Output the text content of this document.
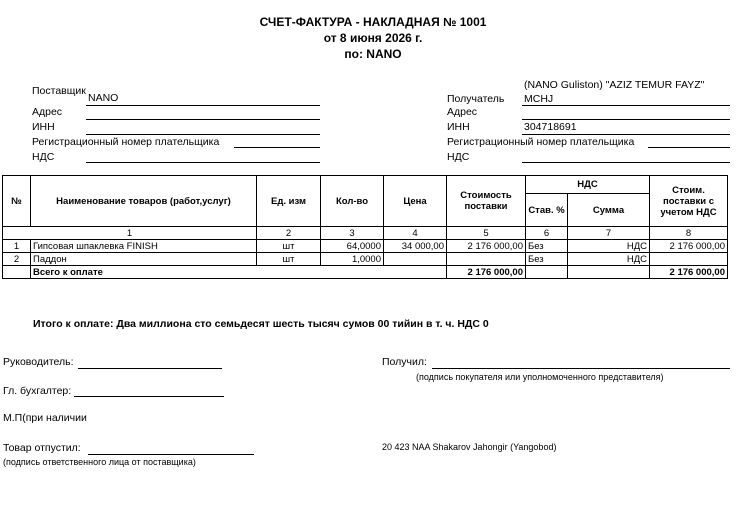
СЧЕТ-ФАКТУРА - НАКЛАДНАЯ № 1001
от 8 июня 2026 г.
по: NANO
Поставщик
NANO
Адрес
ИНН
Регистрационный номер плательщика
НДС
(NANO Guliston) "AZIZ TEMUR FAYZ"
Получатель MCHJ
Адрес
ИНН	304718691
Регистрационный номер плательщика
НДС
№	Наименование товаров (работ,услуг)	Ед. изм	Кол-во	Цена	Стоимость поставки	НДС		Стоим. поставки с учетом НДС
						Став. %	Сумма	
1		2	3	4	5	6	7	8
1	Гипсовая шпаклевка FINISH	шт	64,0000	34 000,00	2 176 000,00	Без	НДС	2 176 000,00
2	Паддон	шт	1,0000			Без	НДС	
	Всего к оплате				2 176 000,00			2 176 000,00
Итого к оплате: Два миллиона сто семьдесят шесть тысяч сумов 00 тийин в т. ч. НДС 0
Руководитель:
Гл. бухгалтер:
М.П(при наличии
Товар отпустил:
(подпись ответственного лица от поставщика)
Получил:
(подпись покупателя или уполномоченного представителя)
20 423 NAA Shakarov Jahongir (Yangobod)
